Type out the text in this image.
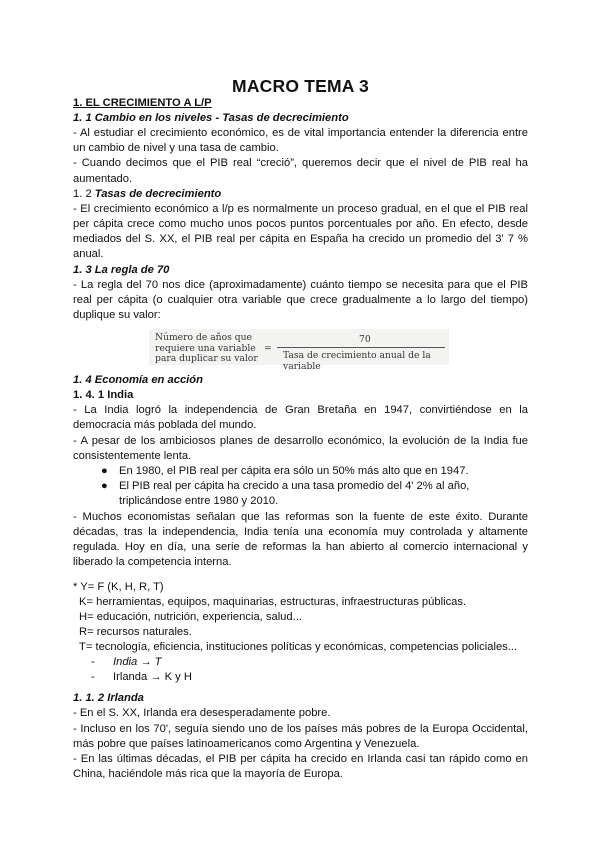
MACRO TEMA 3
1. EL CRECIMIENTO A L/P
1. 1 Cambio en los niveles - Tasas de decrecimiento

- Al estudiar el crecimiento económico, es de vital importancia entender la diferencia entre un cambio de nivel y una tasa de cambio.

- Cuando decimos que el PIB real “creció”, queremos decir que el nivel de PIB real ha aumentado.

1. 2 Tasas de decrecimiento

- El crecimiento económico a l/p es normalmente un proceso gradual, en el que el PIB real per cápita crece como mucho unos pocos puntos porcentuales por año. En efecto, desde mediados del S. XX, el PIB real per cápita en España ha crecido un promedio del 3' 7 % anual.

1. 3 La regla de 70

- La regla del 70 nos dice (aproximadamente) cuánto tiempo se necesita para que el PIB real per cápita (o cualquier otra variable que crece gradualmente a lo largo del tiempo) duplique su valor:

Número de años que requiere una variable para duplicar su valor
=
70
Tasa de crecimiento anual de la variable
1. 4 Economía en acción
1. 4. 1 India

- La India logró la independencia de Gran Bretaña en 1947, convirtiéndose en la democracia más poblada del mundo.

- A pesar de los ambiciosos planes de desarrollo económico, la evolución de la India fue consistentemente lenta.

● En 1980, el PIB real per cápita era sólo un 50% más alto que en 1947.
● El PIB real per cápita ha crecido a una tasa promedio del 4' 2% al año, triplicándose entre 1980 y 2010.

- Muchos economistas señalan que las reformas son la fuente de este éxito. Durante décadas, tras la independencia, India tenía una economía muy controlada y altamente regulada. Hoy en día, una serie de reformas la han abierto al comercio internacional y liberado la competencia interna.

* Y= F (K, H, R, T)
K= herramientas, equipos, maquinarias, estructuras, infraestructuras públicas.
H= educación, nutrición, experiencia, salud...
R= recursos naturales.
T= tecnología, eficiencia, instituciones políticas y económicas, competencias policiales...
- India → T
- Irlanda → K y H
1. 1. 2 Irlanda

- En el S. XX, Irlanda era desesperadamente pobre.

- Incluso en los 70', seguía siendo uno de los países más pobres de la Europa Occidental, más pobre que países latinoamericanos como Argentina y Venezuela.

- En las últimas décadas, el PIB per cápita ha crecido en Irlanda casi tan rápido como en China, haciéndole más rica que la mayoría de Europa.
